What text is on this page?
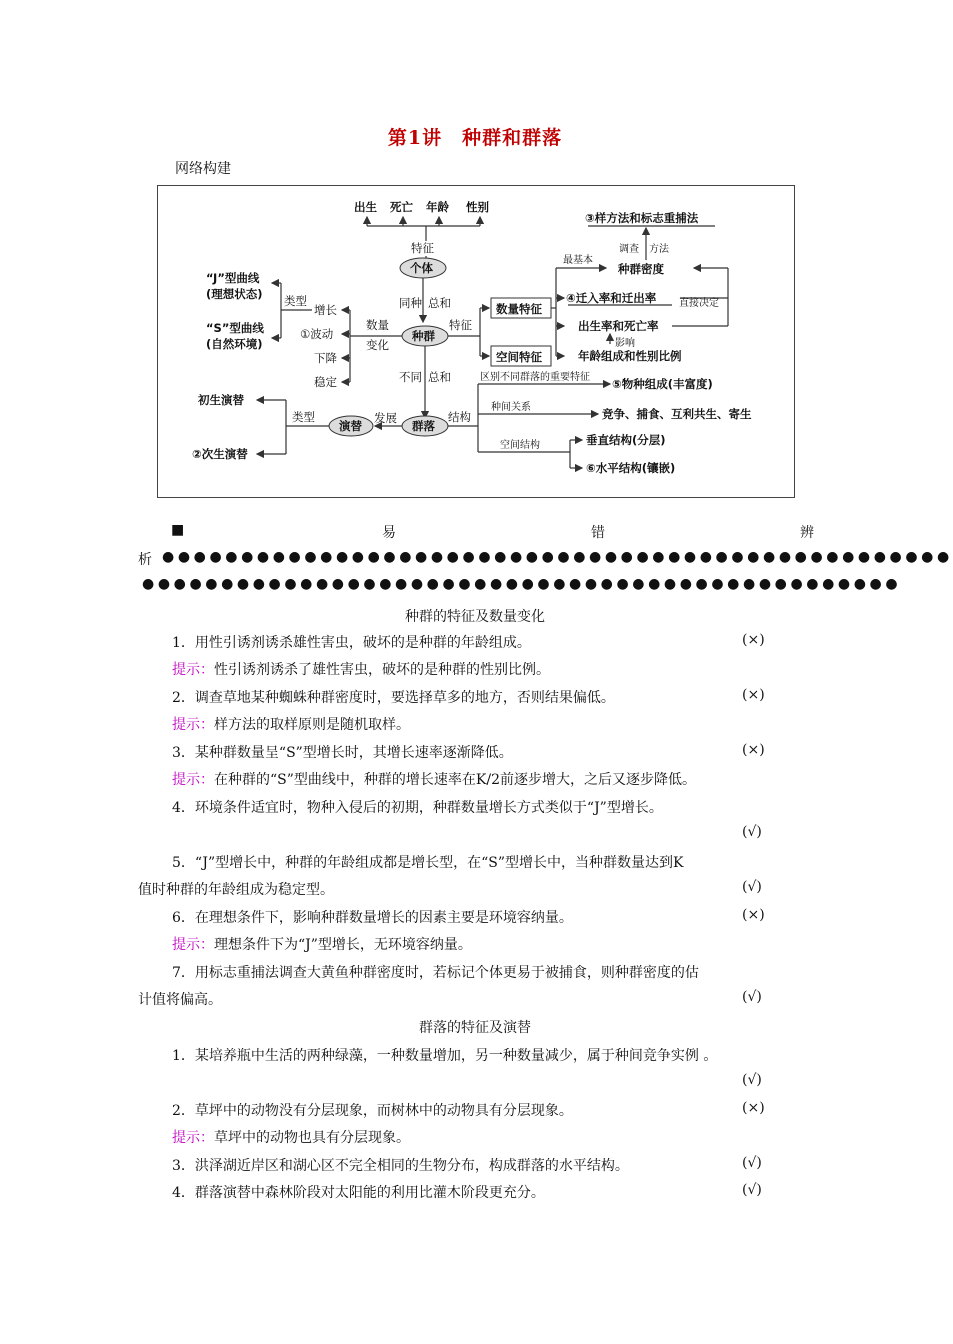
第1讲　种群和群落
网络构建
出生 死亡 年龄 性别
特征
个体
同种 总和
种群
不同 总和
数量
变化
增长
①波动
下降
稳定
类型
“J”型曲线
(理想状态)
“S”型曲线
(自然环境)
特征
数量特征
空间特征
最基本
③样方法和标志重捕法
调查 方法
种群密度
④迁入率和迁出率
出生率和死亡率
影响
年龄组成和性别比例
直接决定
群落
演替
发展
类型
初生演替
②次生演替
结构
区别不同群落的重要特征 ⑤物种组成(丰富度)
种间关系	竞争、捕食、互利共生、寄生
空间结构	垂直结构(分层)
⑥水平结构(镶嵌)
■	易	错	辨
析 ●●●●●●●●●●●●●●●●●●●●●●●●●●●●●●●●●●●●●●●●●●●●●●●●●●
●●●●●●●●●●●●●●●●●●●●●●●●●●●●●●●●●●●●●●●●●●●●●●●●
种群的特征及数量变化
1．用性引诱剂诱杀雄性害虫，破坏的是种群的年龄组成。	(×)
提示：性引诱剂诱杀了雄性害虫，破坏的是种群的性别比例。
2．调查草地某种蜘蛛种群密度时，要选择草多的地方，否则结果偏低。	(×)
提示：样方法的取样原则是随机取样。
3．某种群数量呈“S”型增长时，其增长速率逐渐降低。	(×)
提示：在种群的“S”型曲线中，种群的增长速率在K/2前逐步增大，之后又逐步降低。
4．环境条件适宜时，物种入侵后的初期，种群数量增长方式类似于“J”型增长。
(√)
5．“J”型增长中，种群的年龄组成都是增长型，在“S”型增长中，当种群数量达到K
值时种群的年龄组成为稳定型。	(√)
6．在理想条件下，影响种群数量增长的因素主要是环境容纳量。	(×)
提示：理想条件下为“J”型增长，无环境容纳量。
7．用标志重捕法调查大黄鱼种群密度时，若标记个体更易于被捕食，则种群密度的估
计值将偏高。	(√)
群落的特征及演替
1．某培养瓶中生活的两种绿藻，一种数量增加，另一种数量减少，属于种间竞争实例 。
(√)
2．草坪中的动物没有分层现象，而树林中的动物具有分层现象。	(×)
提示：草坪中的动物也具有分层现象。
3．洪泽湖近岸区和湖心区不完全相同的生物分布，构成群落的水平结构。	(√)
4．群落演替中森林阶段对太阳能的利用比灌木阶段更充分。	(√)
